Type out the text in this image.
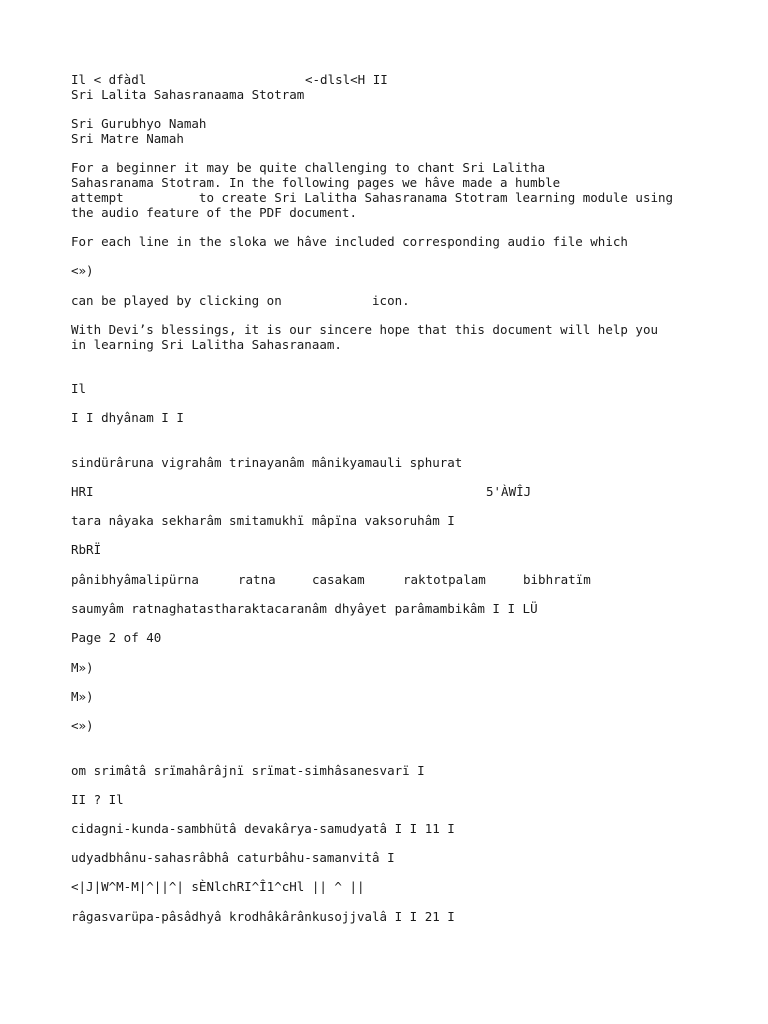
Il < dfàdl	<-dlsl<H II
Sri Lalita Sahasranaama Stotram
Sri Gurubhyo Namah
Sri Matre Namah
For a beginner it may be quite challenging to chant Sri Lalitha
Sahasranama Stotram. In the following pages we hâve made a humble
attempt          to create Sri Lalitha Sahasranama Stotram learning module using
the audio feature of the PDF document.
For each line in the sloka we hâve included corresponding audio file which
<»)
can be played by clicking on            icon.
With Devi’s blessings, it is our sincere hope that this document will help you
in learning Sri Lalitha Sahasranaam.
Il
I I dhyânam I I
sindürâruna vigrahâm trinayanâm mânikyamauli sphurat
HRI	5'ÀWÎJ
tara nâyaka sekharâm smitamukhï mâpïna vaksoruhâm I
RbRÏ
pânibhyâmalipürna	ratna	casakam	raktotpalam	bibhratïm
saumyâm ratnaghatastharaktacaranâm dhyâyet parâmambikâm I I LÜ
Page 2 of 40
M»)
M»)
<»)
om srimâtâ srïmahârâjnï srïmat-simhâsanesvarï I
II ? Il
cidagni-kunda-sambhütâ devakârya-samudyatâ I I 11 I
udyadbhânu-sahasrâbhâ caturbâhu-samanvitâ I
<|J|W^M-M|^||^| sÈNlchRI^Î1^cHl || ^ ||
râgasvarüpa-pâsâdhyâ krodhâkârânkusojjvalâ I I 21 I
